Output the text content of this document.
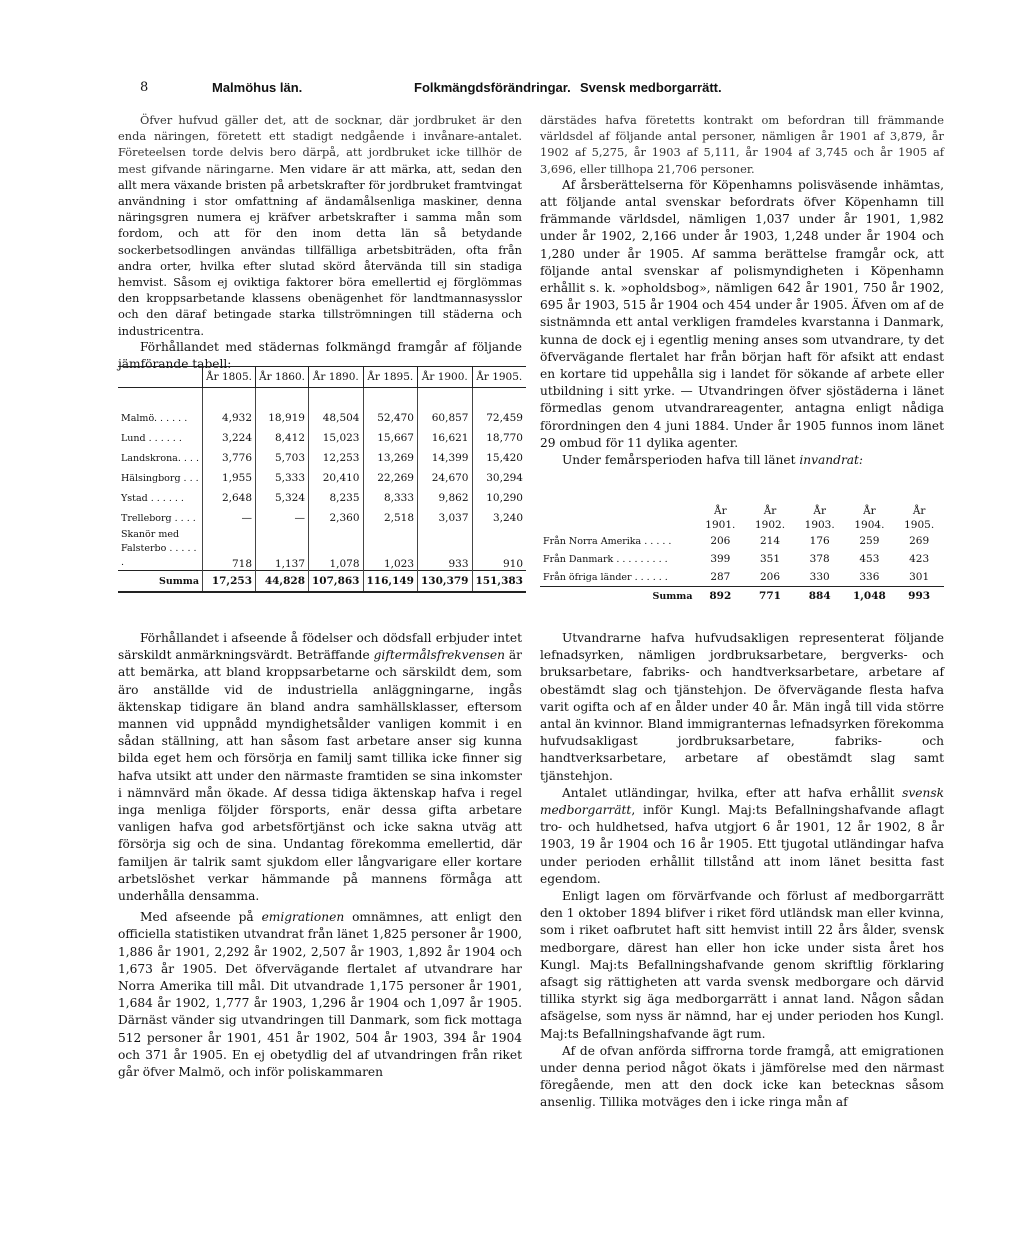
8	Malmöhus län.	Folkmängdsförändringar. Svensk medborgarrätt.

Öfver hufvud gäller det, att de socknar, där jordbruket är den enda näringen, företett ett stadigt nedgående i invånare-antalet. Företeelsen torde delvis bero därpå, att jordbruket icke tillhör de mest gifvande näringarne. Men vidare är att märka, att, sedan den allt mera växande bristen på arbetskrafter för jordbruket framtvingat användning i stor omfattning af ändamålsenliga maskiner, denna näringsgren numera ej kräfver arbetskrafter i samma mån som fordom, och att för den inom detta län så betydande sockerbetsodlingen användas tillfälliga arbetsbiträden, ofta från andra orter, hvilka efter slutad skörd återvända till sin stadiga hemvist. Såsom ej oviktiga faktorer böra emellertid ej förglömmas den kroppsarbetande klassens obenägenhet för landtmannasysslor och den däraf betingade starka tillströmningen till städerna och industricentra.

Förhållandet med städernas folkmängd framgår af följande jämförande tabell:

	År 1805.	År 1860.	År 1890.	År 1895.	År 1900.	År 1905.

Malmö. . . . . .	4,932	18,919	48,504	52,470	60,857	72,459
Lund . . . . . .	3,224	8,412	15,023	15,667	16,621	18,770
Landskrona. . . .	3,776	5,703	12,253	13,269	14,399	15,420
Hälsingborg . . .	1,955	5,333	20,410	22,269	24,670	30,294
Ystad . . . . . .	2,648	5,324	8,235	8,333	9,862	10,290
Trelleborg . . . .	—	—	2,360	2,518	3,037	3,240
Skanör med Falsterbo . . . . . .	718	1,137	1,078	1,023	933	910
Summa	17,253	44,828	107,863	116,149	130,379	151,383

Förhållandet i afseende å födelser och dödsfall erbjuder intet särskildt anmärkningsvärdt. Beträffande giftermålsfrekvensen är att bemärka, att bland kroppsarbetarne och särskildt dem, som äro anställde vid de industriella anläggningarne, ingås äktenskap tidigare än bland andra samhällsklasser, eftersom mannen vid uppnådd myndighetsålder vanligen kommit i en sådan ställning, att han såsom fast arbetare anser sig kunna bilda eget hem och försörja en familj samt tillika icke finner sig hafva utsikt att under den närmaste framtiden se sina inkomster i nämnvärd mån ökade. Af dessa tidiga äktenskap hafva i regel inga menliga följder försports, enär dessa gifta arbetare vanligen hafva god arbetsförtjänst och icke sakna utväg att försörja sig och de sina. Undantag förekomma emellertid, där familjen är talrik samt sjukdom eller långvarigare eller kortare arbetslöshet verkar hämmande på mannens förmåga att underhålla densamma.

Med afseende på emigrationen omnämnes, att enligt den officiella statistiken utvandrat från länet 1,825 personer år 1900, 1,886 år 1901, 2,292 år 1902, 2,507 år 1903, 1,892 år 1904 och 1,673 år 1905. Det öfvervägande flertalet af utvandrare har Norra Amerika till mål. Dit utvandrade 1,175 personer år 1901, 1,684 år 1902, 1,777 år 1903, 1,296 år 1904 och 1,097 år 1905. Därnäst vänder sig utvandringen till Danmark, som fick mottaga 512 personer år 1901, 451 år 1902, 504 år 1903, 394 år 1904 och 371 år 1905. En ej obetydlig del af utvandringen från riket går öfver Malmö, och inför poliskammaren

därstädes hafva företetts kontrakt om befordran till främmande världsdel af följande antal personer, nämligen år 1901 af 3,879, år 1902 af 5,275, år 1903 af 5,111, år 1904 af 3,745 och år 1905 af 3,696, eller tillhopa 21,706 personer.

Af årsberättelserna för Köpenhamns polisväsende inhämtas, att följande antal svenskar befordrats öfver Köpenhamn till främmande världsdel, nämligen 1,037 under år 1901, 1,982 under år 1902, 2,166 under år 1903, 1,248 under år 1904 och 1,280 under år 1905. Af samma berättelse framgår ock, att följande antal svenskar af polismyndigheten i Köpenhamn erhållit s. k. »opholdsbog», nämligen 642 år 1901, 750 år 1902, 695 år 1903, 515 år 1904 och 454 under år 1905. Äfven om af de sistnämnda ett antal verkligen framdeles kvarstanna i Danmark, kunna de dock ej i egentlig mening anses som utvandrare, ty det öfvervägande flertalet har från början haft för afsikt att endast en kortare tid uppehålla sig i landet för sökande af arbete eller utbildning i sitt yrke. — Utvandringen öfver sjöstäderna i länet förmedlas genom utvandrareagenter, antagna enligt nådiga förordningen den 4 juni 1884. Under år 1905 funnos inom länet 29 ombud för 11 dylika agenter.

Under femårsperioden hafva till länet invandrat:

	År 1901.	År 1902.	År 1903.	År 1904.	År 1905.
Från Norra Amerika . . . . .	206	214	176	259	269
Från Danmark . . . . . . . . .	399	351	378	453	423
Från öfriga länder . . . . . .	287	206	330	336	301
Summa	892	771	884	1,048	993

Utvandrarne hafva hufvudsakligen representerat följande lefnadsyrken, nämligen jordbruksarbetare, bergverks- och bruksarbetare, fabriks- och handtverksarbetare, arbetare af obestämdt slag och tjänstehjon. De öfvervägande flesta hafva varit ogifta och af en ålder under 40 år. Män ingå till vida större antal än kvinnor. Bland immigranternas lefnadsyrken förekomma hufvudsakligast jordbruksarbetare, fabriks- och handtverksarbetare, arbetare af obestämdt slag samt tjänstehjon.

Antalet utländingar, hvilka, efter att hafva erhållit svensk medborgarrätt, inför Kungl. Maj:ts Befallningshafvande aflagt tro- och huldhetsed, hafva utgjort 6 år 1901, 12 år 1902, 8 år 1903, 19 år 1904 och 16 år 1905. Ett tjugotal utländingar hafva under perioden erhållit tillstånd att inom länet besitta fast egendom.

Enligt lagen om förvärfvande och förlust af medborgarrätt den 1 oktober 1894 blifver i riket förd utländsk man eller kvinna, som i riket oafbrutet haft sitt hemvist intill 22 års ålder, svensk medborgare, därest han eller hon icke under sista året hos Kungl. Maj:ts Befallningshafvande genom skriftlig förklaring afsagt sig rättigheten att varda svensk medborgare och därvid tillika styrkt sig äga medborgarrätt i annat land. Någon sådan afsägelse, som nyss är nämnd, har ej under perioden hos Kungl. Maj:ts Befallningshafvande ägt rum.

Af de ofvan anförda siffrorna torde framgå, att emigrationen under denna period något ökats i jämförelse med den närmast föregående, men att den dock icke kan betecknas såsom ansenlig. Tillika motväges den i icke ringa mån af
